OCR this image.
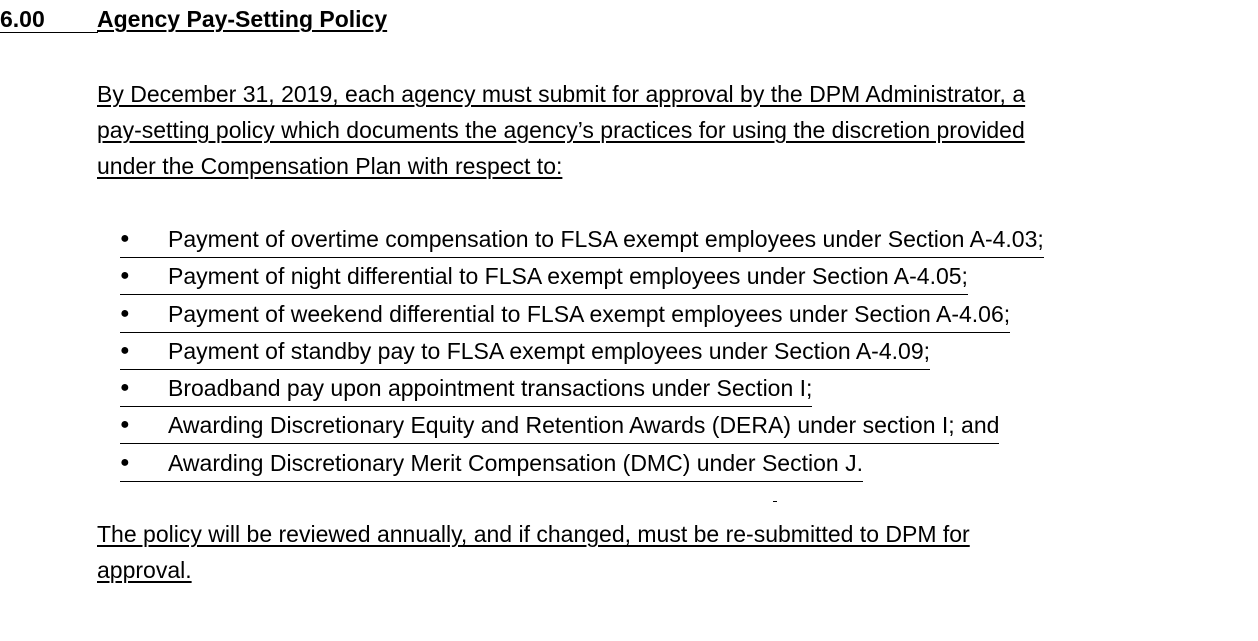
6.00	Agency Pay-Setting Policy
By December 31, 2019, each agency must submit for approval by the DPM Administrator, a
pay-setting policy which documents the agency’s practices for using the discretion provided
under the Compensation Plan with respect to:
● Payment of overtime compensation to FLSA exempt employees under Section A-4.03;
● Payment of night differential to FLSA exempt employees under Section A-4.05;
● Payment of weekend differential to FLSA exempt employees under Section A-4.06;
● Payment of standby pay to FLSA exempt employees under Section A-4.09;
● Broadband pay upon appointment transactions under Section I;
● Awarding Discretionary Equity and Retention Awards (DERA) under section I; and
● Awarding Discretionary Merit Compensation (DMC) under Section J.
The policy will be reviewed annually, and if changed, must be re-submitted to DPM for
approval.
